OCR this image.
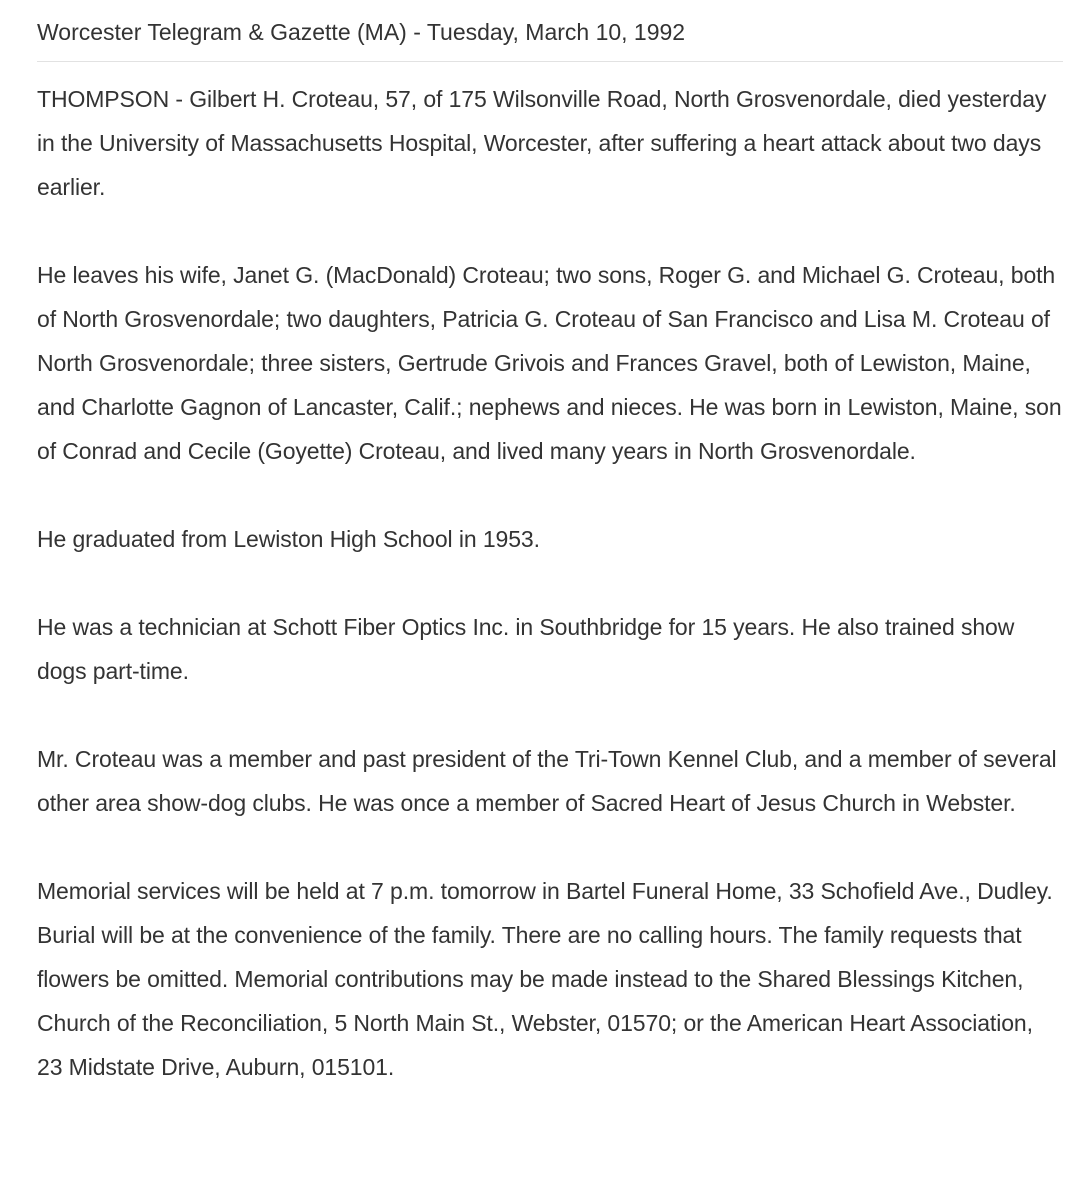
Worcester Telegram & Gazette (MA) - Tuesday, March 10, 1992

THOMPSON - Gilbert H. Croteau, 57, of 175 Wilsonville Road, North Grosvenordale, died yesterday in the University of Massachusetts Hospital, Worcester, after suffering a heart attack about two days earlier.

He leaves his wife, Janet G. (MacDonald) Croteau; two sons, Roger G. and Michael G. Croteau, both of North Grosvenordale; two daughters, Patricia G. Croteau of San Francisco and Lisa M. Croteau of North Grosvenordale; three sisters, Gertrude Grivois and Frances Gravel, both of Lewiston, Maine, and Charlotte Gagnon of Lancaster, Calif.; nephews and nieces. He was born in Lewiston, Maine, son of Conrad and Cecile (Goyette) Croteau, and lived many years in North Grosvenordale.

He graduated from Lewiston High School in 1953.

He was a technician at Schott Fiber Optics Inc. in Southbridge for 15 years. He also trained show dogs part-time.

Mr. Croteau was a member and past president of the Tri-Town Kennel Club, and a member of several other area show-dog clubs. He was once a member of Sacred Heart of Jesus Church in Webster.

Memorial services will be held at 7 p.m. tomorrow in Bartel Funeral Home, 33 Schofield Ave., Dudley. Burial will be at the convenience of the family. There are no calling hours. The family requests that flowers be omitted. Memorial contributions may be made instead to the Shared Blessings Kitchen, Church of the Reconciliation, 5 North Main St., Webster, 01570; or the American Heart Association, 23 Midstate Drive, Auburn, 015101.
